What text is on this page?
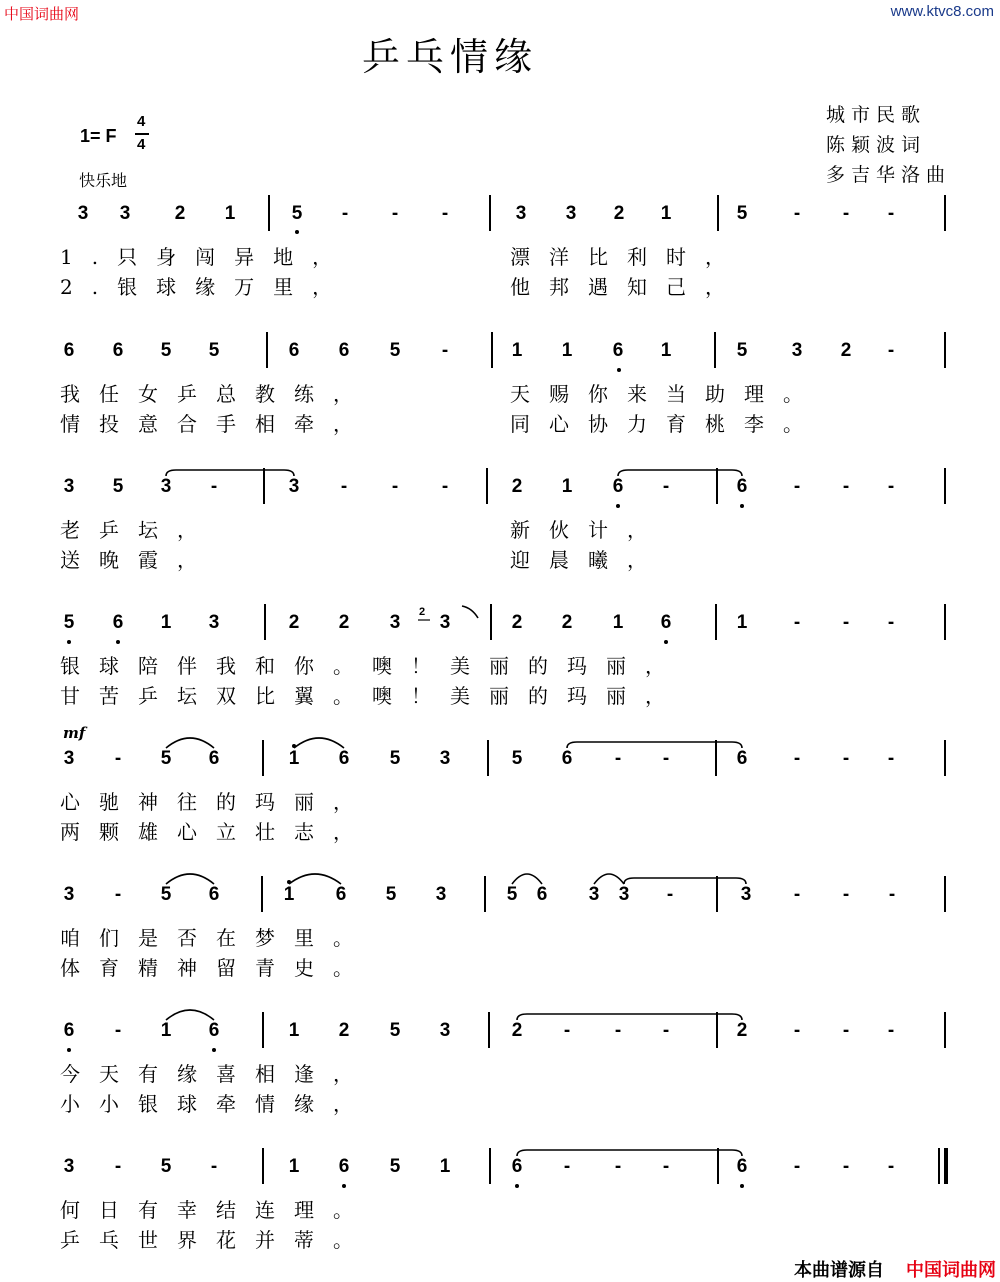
中国词曲网	www.ktvc8.com
乒乓情缘
城市民歌
陈颖波词
多吉华洛曲
1= F
4
4
快乐地
3 3 2 1	5 - - -	3 3 2 1	5 - - -
1.只身闯异地，	漂洋比利时，
2.银球缘万里，	他邦遇知己，
6 6 5 5	6 6 5 -	1 1 6 1	5 3 2 -
我任女乒总教练，	天赐你来当助理。
情投意合手相牵，	同心协力育桃李。
3 5 3 -	3 - - -	2 1 6 -	6 - - -
老乒坛，	新伙计，
送晚霞，	迎晨曦，
5 6 1 3	2 2 3 3	2 2 1 6	1 - - -
银球陪伴我和你。噢！美丽的玛丽，
甘苦乒坛双比翼。噢！美丽的玛丽，
3 - 5 6	1 6 5 3	5 6 - -	6 - - -
心驰神往的玛丽，
两颗雄心立壮志，
3 - 5 6	1 6 5 3	5 6 3 3 -	3 - - -
咱们是否在梦里。
体育精神留青史。
6 - 1 6	1 2 5 3	2 - - -	2 - - -
今天有缘喜相逢，
小小银球牵情缘，
3 - 5 -	1 6 5 1	6 - - -	6 - - -
何日有幸结连理。
乒乓世界花并蒂。
mf
2
本曲谱源自 中国词曲网
